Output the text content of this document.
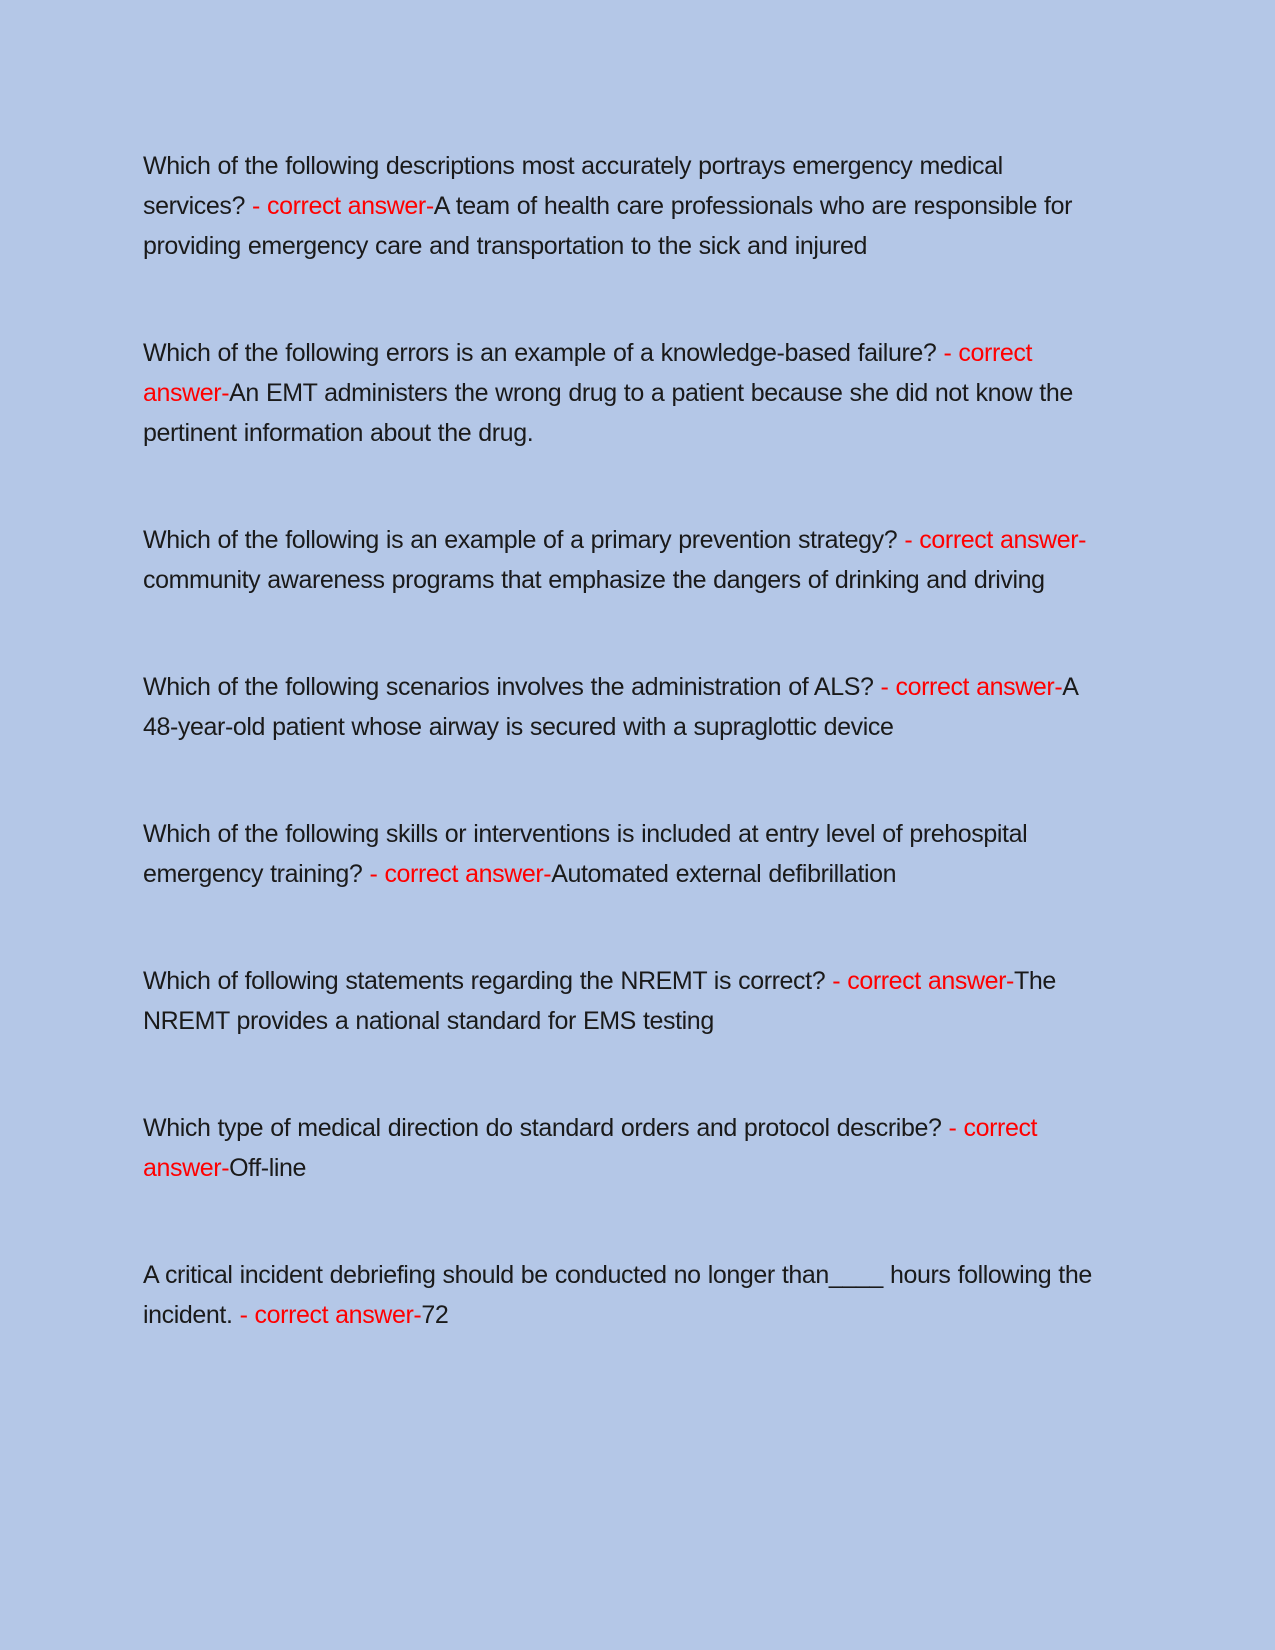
Which of the following descriptions most accurately portrays emergency medical services? - correct answer-A team of health care professionals who are responsible for providing emergency care and transportation to the sick and injured

Which of the following errors is an example of a knowledge-based failure? - correct answer-An EMT administers the wrong drug to a patient because she did not know the pertinent information about the drug.

Which of the following is an example of a primary prevention strategy? - correct answer-community awareness programs that emphasize the dangers of drinking and driving

Which of the following scenarios involves the administration of ALS? - correct answer-A 48-year-old patient whose airway is secured with a supraglottic device

Which of the following skills or interventions is included at entry level of prehospital emergency training? - correct answer-Automated external defibrillation

Which of following statements regarding the NREMT is correct? - correct answer-The NREMT provides a national standard for EMS testing

Which type of medical direction do standard orders and protocol describe? - correct answer-Off-line

A critical incident debriefing should be conducted no longer than____ hours following the incident. - correct answer-72
